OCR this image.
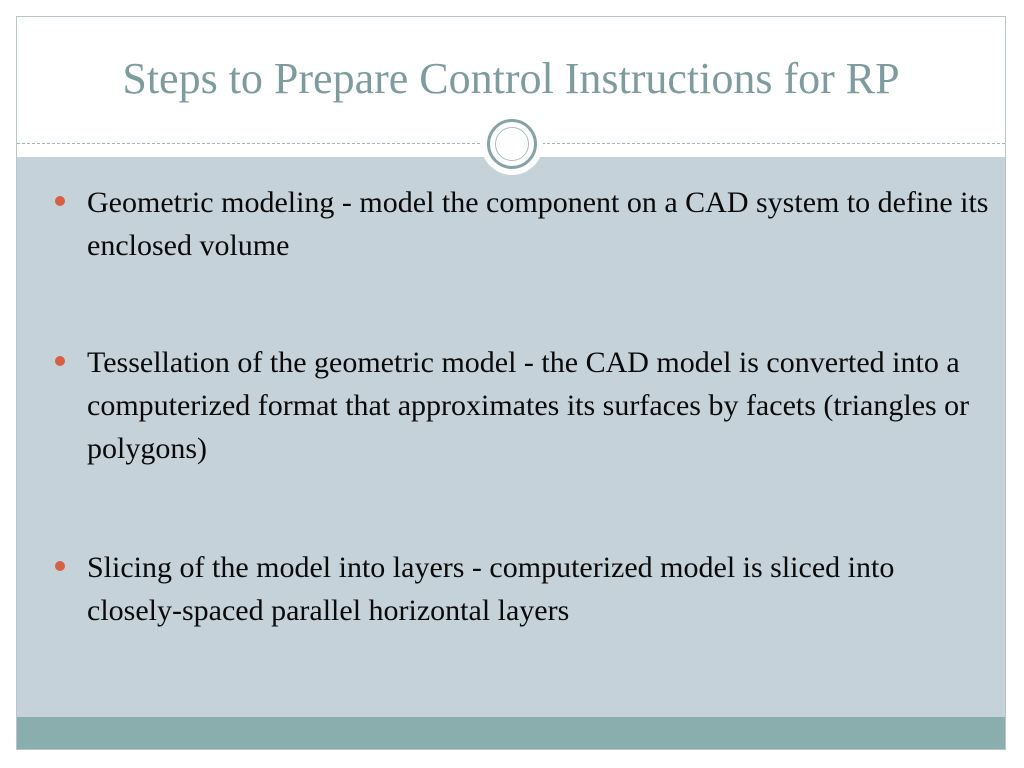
Steps to Prepare Control Instructions for RP
Geometric modeling - model the component on a CAD system to define its enclosed volume
Tessellation of the geometric model - the CAD model is converted into a computerized format that approximates its surfaces by facets (triangles or polygons)
Slicing of the model into layers - computerized model is sliced into closely-spaced parallel horizontal layers
